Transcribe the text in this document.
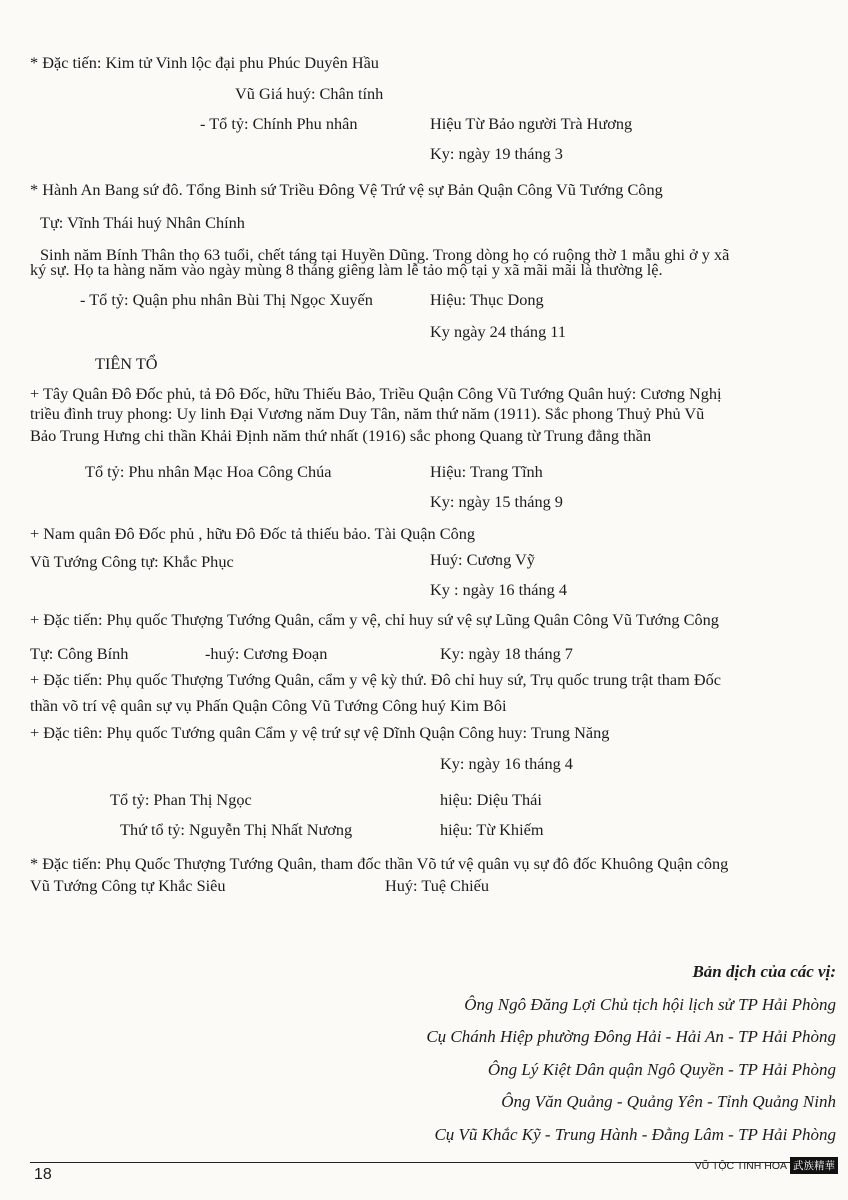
* Đặc tiến: Kim tử Vinh lộc đại phu Phúc Duyên Hầu
Vũ Giá huý: Chân tính
- Tổ tỷ: Chính Phu nhân	Hiệu Từ Bảo người Trà Hương
Ky: ngày 19 tháng 3
* Hành An Bang sứ đô. Tổng Binh sứ Triều Đông Vệ Trứ vệ sự Bản Quận Công Vũ Tướng Công
Tự: Vĩnh Thái huý Nhân Chính
Sinh năm Bính Thân thọ 63 tuổi, chết táng tại Huyền Dũng. Trong dòng họ có ruộng thờ 1 mẫu ghi ở y xã
ký sự. Họ ta hàng năm vào ngày mùng 8 tháng giêng làm lễ tảo mộ tại y xã mãi mãi là thường lệ.
- Tổ tỷ: Quận phu nhân Bùi Thị Ngọc Xuyến	Hiệu: Thục Dong
Ky ngày 24 tháng 11
TIÊN TỔ
+ Tây Quân Đô Đốc phủ, tả Đô Đốc, hữu Thiếu Bảo, Triều Quận Công Vũ Tướng Quân huý: Cương Nghị
triều đình truy phong: Uy linh Đại Vương năm Duy Tân, năm thứ năm (1911). Sắc phong Thuỷ Phủ Vũ
Bảo Trung Hưng chi thần Khải Định năm thứ nhất (1916) sắc phong Quang từ Trung đẳng thần
Tổ tỷ: Phu nhân Mạc Hoa Công Chúa	Hiệu: Trang Tĩnh
Ky: ngày 15 tháng 9
+ Nam quân Đô Đốc phủ , hữu Đô Đốc tả thiếu bảo. Tài Quận Công
Vũ Tướng Công tự: Khắc Phục	Huý: Cương Vỹ
Ky : ngày 16 tháng 4
+ Đặc tiến: Phụ quốc Thượng Tướng Quân, cẩm y vệ, chỉ huy sứ vệ sự Lũng Quân Công Vũ Tướng Công
Tự: Công Bính	-huý: Cương Đoạn	Ky: ngày 18 tháng 7
+ Đặc tiến: Phụ quốc Thượng Tướng Quân, cẩm y vệ kỳ thứ. Đô chỉ huy sứ, Trụ quốc trung trật tham Đốc
thần võ trí vệ quân sự vụ Phấn Quận Công Vũ Tướng Công huý Kim Bôi
+ Đặc tiên: Phụ quốc Tướng quân Cẩm y vệ trứ sự vệ Dĩnh Quận Công huy: Trung Năng
Ky: ngày 16 tháng 4
Tổ tỷ: Phan Thị Ngọc	hiệu: Diệu Thái
Thứ tổ tỷ: Nguyễn Thị Nhất Nương	hiệu: Từ Khiếm
* Đặc tiến: Phụ Quốc Thượng Tướng Quân, tham đốc thần Võ tứ vệ quân vụ sự đô đốc Khuông Quận công
Vũ Tướng Công tự Khắc Siêu	Huý: Tuệ Chiếu
Bản dịch của các vị:
Ông Ngô Đăng Lợi Chủ tịch hội lịch sử TP Hải Phòng
Cụ Chánh Hiệp phường Đông Hải - Hải An - TP Hải Phòng
Ông Lý Kiệt Dân quận Ngô Quyền - TP Hải Phòng
Ông Văn Quảng - Quảng Yên - Tỉnh Quảng Ninh
Cụ Vũ Khắc Kỹ - Trung Hành - Đằng Lâm - TP Hải Phòng
18
VŨ TỘC TINH HOA 武族精華
